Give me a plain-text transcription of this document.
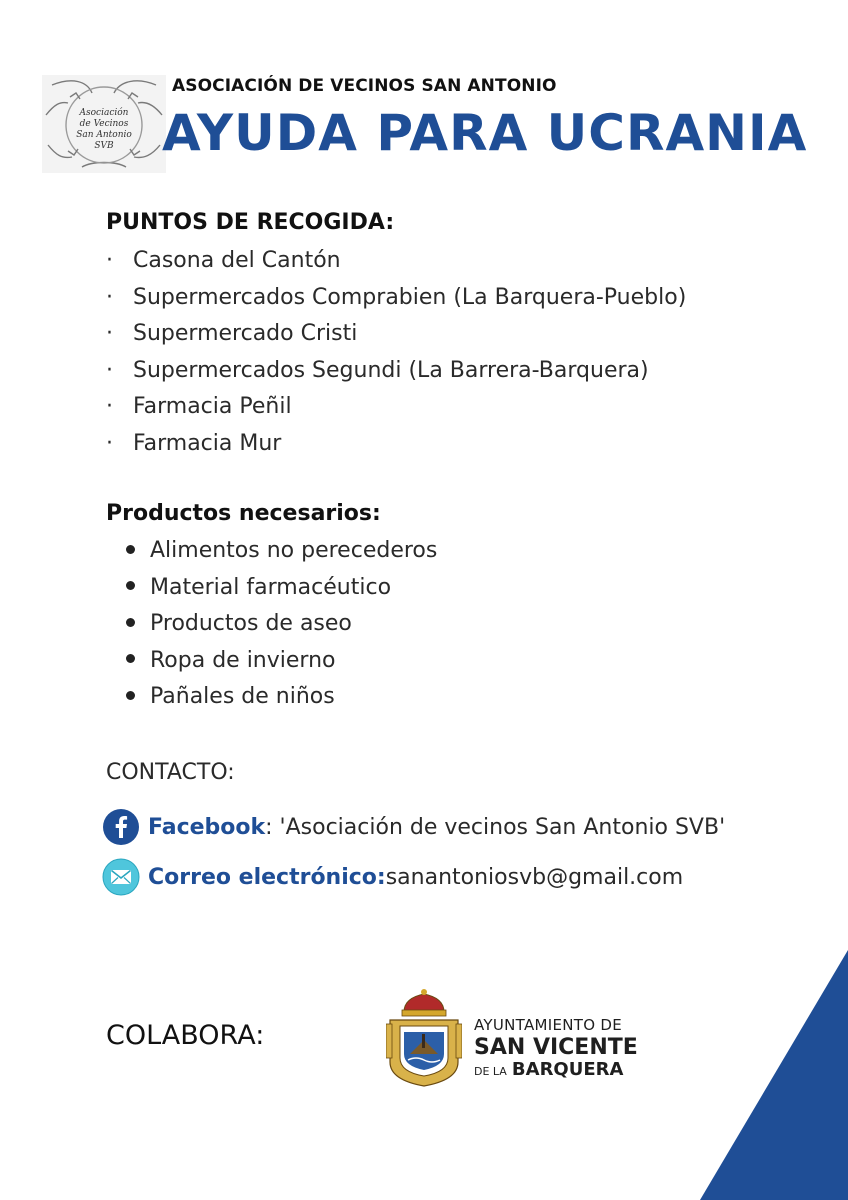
Asociación
de Vecinos
San Antonio
SVB
ASOCIACIÓN DE VECINOS SAN ANTONIO
AYUDA PARA UCRANIA
PUNTOS DE RECOGIDA:
· Casona del Cantón
· Supermercados Comprabien (La Barquera-Pueblo)
· Supermercado Cristi
· Supermercados Segundi (La Barrera-Barquera)
· Farmacia Peñil
· Farmacia Mur
Productos necesarios:
Alimentos no perecederos
Material farmacéutico
Productos de aseo
Ropa de invierno
Pañales de niños
CONTACTO:
Facebook : 'Asociación de vecinos San Antonio SVB'
Correo electrónico: sanantoniosvb@gmail.com
COLABORA:	AYUNTAMIENTO DE
SAN VICENTE
DE LA BARQUERA
